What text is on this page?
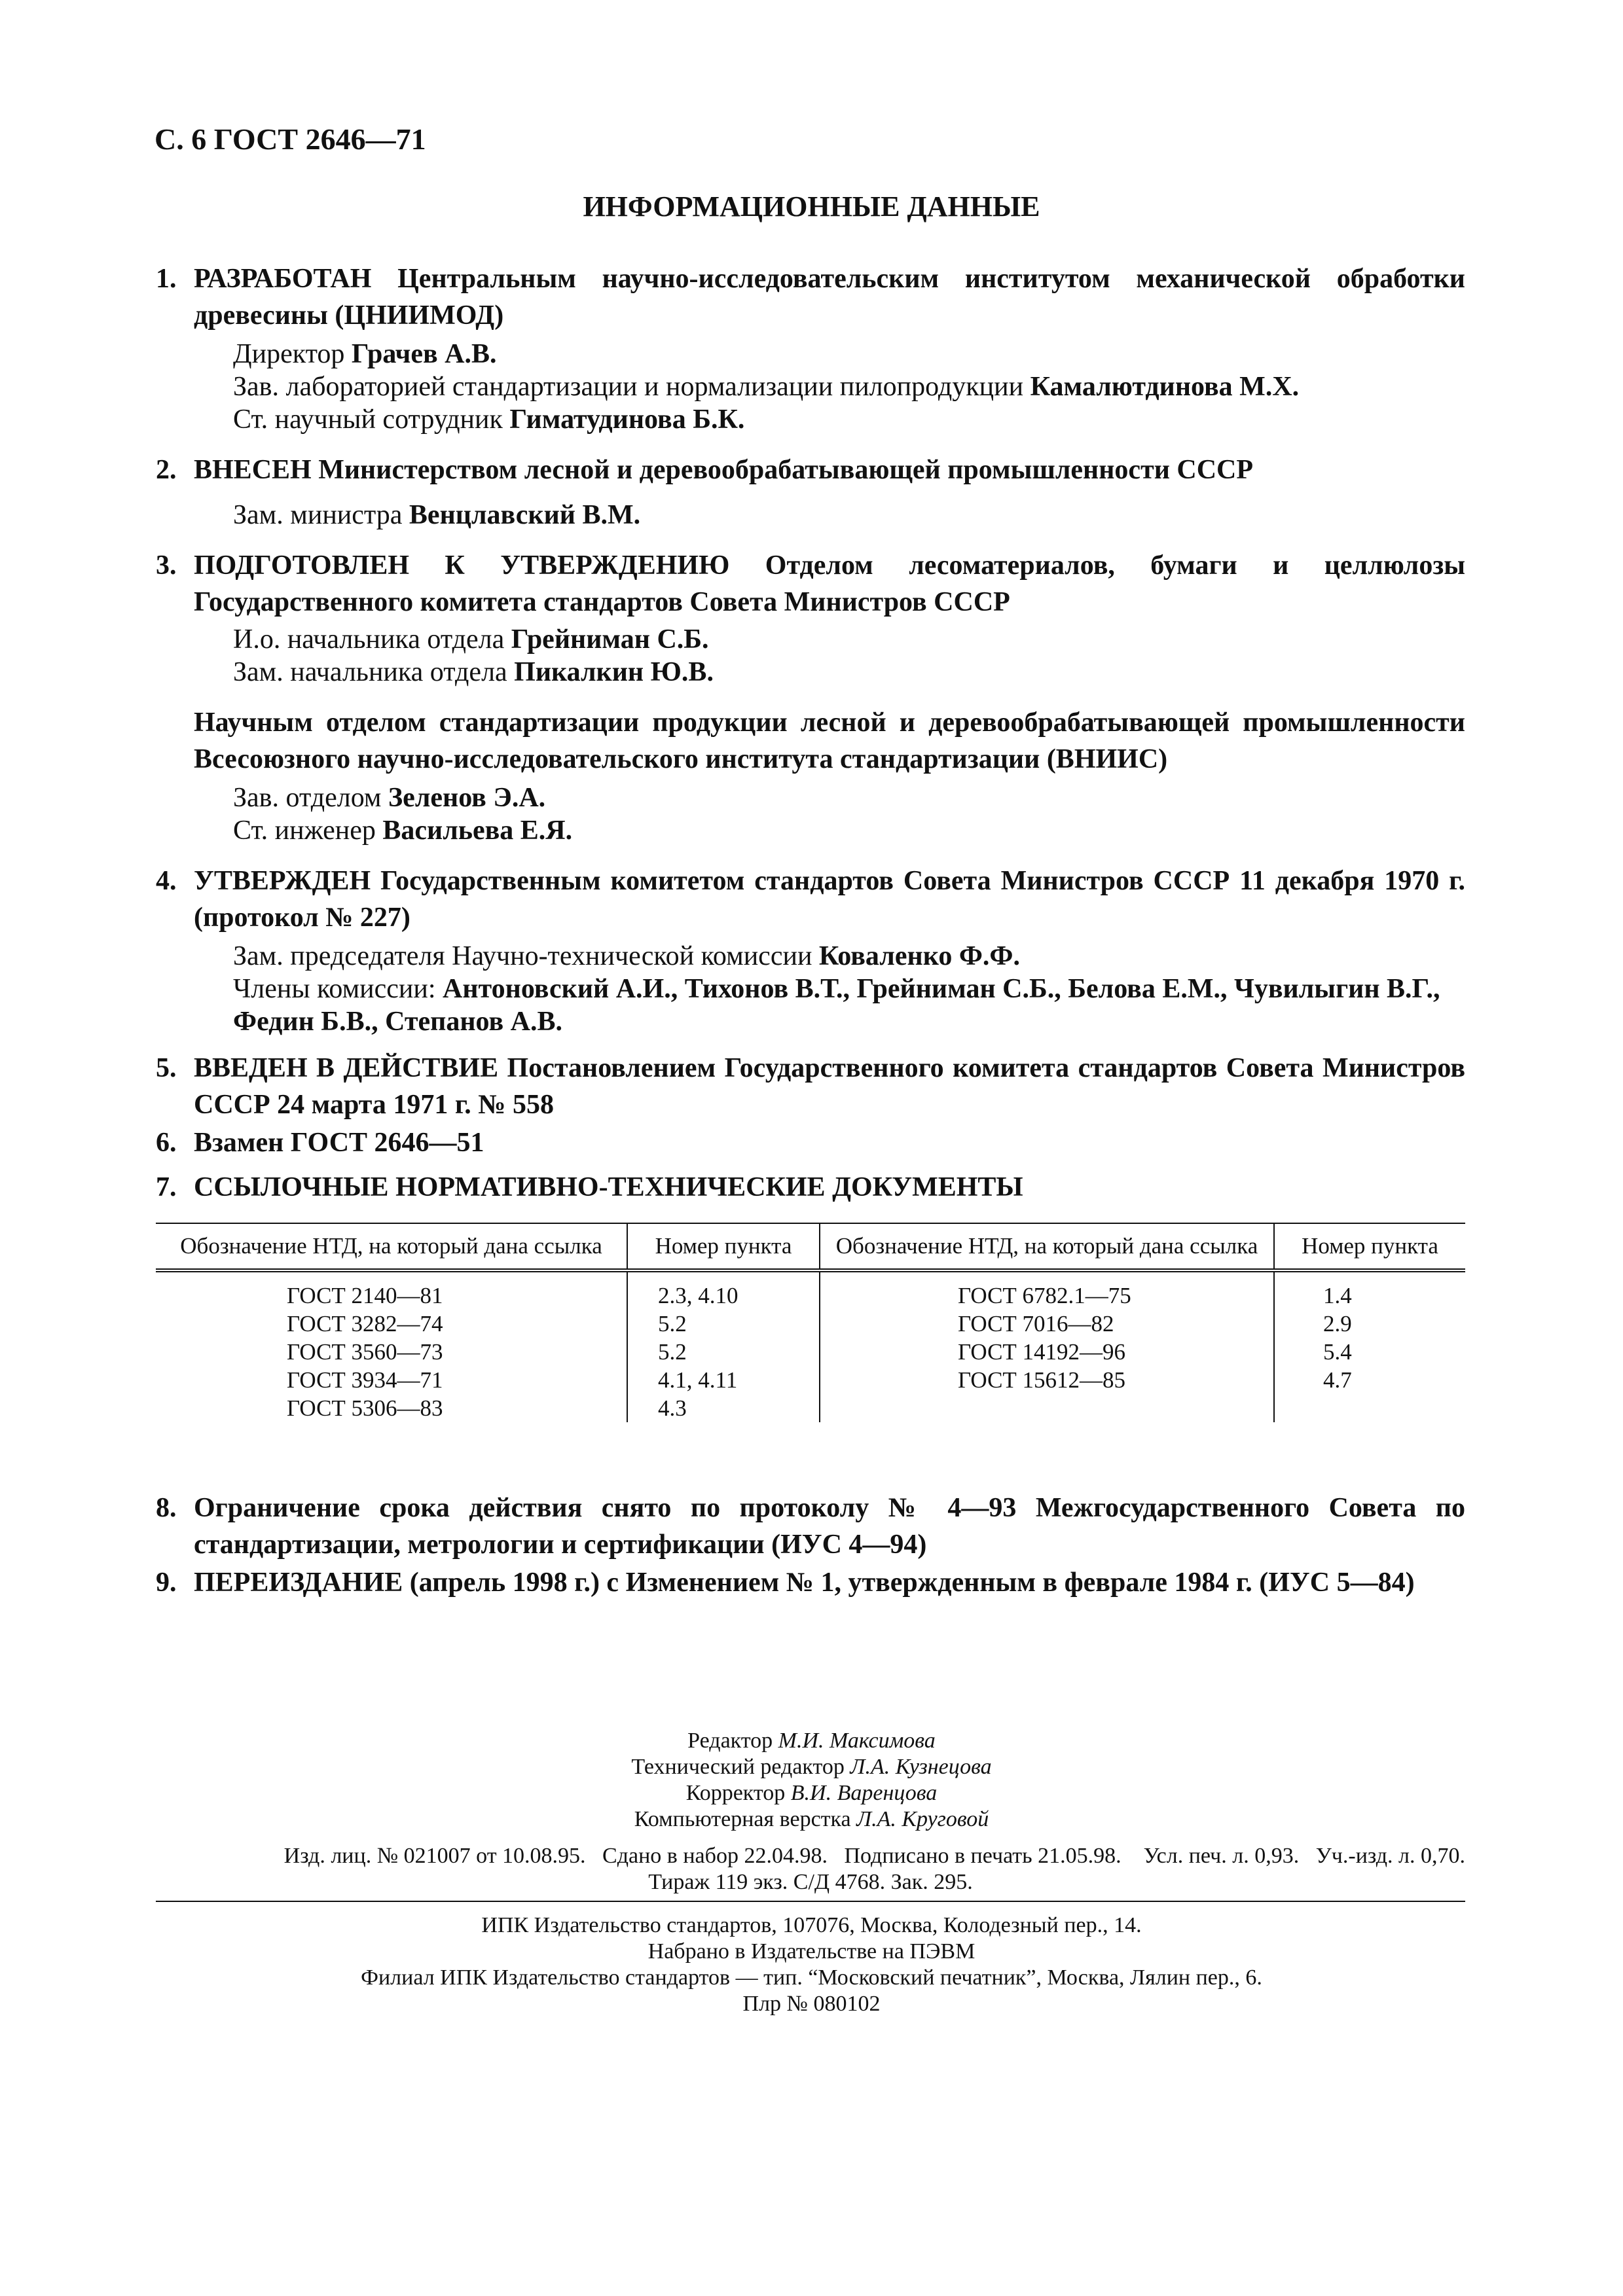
С. 6 ГОСТ 2646—71
ИНФОРМАЦИОННЫЕ ДАННЫЕ
1. РАЗРАБОТАН Центральным научно-исследовательским институтом механической обработки древесины (ЦНИИМОД)
Директор Грачев А.В.
Зав. лабораторией стандартизации и нормализации пилопродукции Камалютдинова М.Х.
Ст. научный сотрудник Гиматудинова Б.К.
2. ВНЕСЕН Министерством лесной и деревообрабатывающей промышленности СССР
Зам. министра Венцлавский В.М.
3. ПОДГОТОВЛЕН К УТВЕРЖДЕНИЮ Отделом лесоматериалов, бумаги и целлюлозы Государственного комитета стандартов Совета Министров СССР
И.о. начальника отдела Грейниман С.Б.
Зам. начальника отдела Пикалкин Ю.В.
Научным отделом стандартизации продукции лесной и деревообрабатывающей промышленности Всесоюзного научно-исследовательского института стандартизации (ВНИИС)
Зав. отделом Зеленов Э.А.
Ст. инженер Васильева Е.Я.
4. УТВЕРЖДЕН Государственным комитетом стандартов Совета Министров СССР 11 декабря 1970 г. (протокол № 227)
Зам. председателя Научно-технической комиссии Коваленко Ф.Ф.
Члены комиссии: Антоновский А.И., Тихонов В.Т., Грейниман С.Б., Белова Е.М., Чувилыгин В.Г.,
Федин Б.В., Степанов А.В.
5. ВВЕДЕН В ДЕЙСТВИЕ Постановлением Государственного комитета стандартов Совета Министров СССР 24 марта 1971 г. № 558
6. Взамен ГОСТ 2646—51
7. ССЫЛОЧНЫЕ НОРМАТИВНО-ТЕХНИЧЕСКИЕ ДОКУМЕНТЫ
Обозначение НТД, на который дана ссылка	Номер пункта	Обозначение НТД, на который дана ссылка	Номер пункта
ГОСТ 2140—81	2.3, 4.10	ГОСТ 6782.1—75	1.4
ГОСТ 3282—74	5.2	ГОСТ 7016—82	2.9
ГОСТ 3560—73	5.2	ГОСТ 14192—96	5.4
ГОСТ 3934—71	4.1, 4.11	ГОСТ 15612—85	4.7
ГОСТ 5306—83	4.3		
8. Ограничение срока действия снято по протоколу № 4—93 Межгосударственного Совета по стандартизации, метрологии и сертификации (ИУС 4—94)
9. ПЕРЕИЗДАНИЕ (апрель 1998 г.) с Изменением № 1, утвержденным в феврале 1984 г. (ИУС 5—84)
Редактор М.И. Максимова
Технический редактор Л.А. Кузнецова
Корректор В.И. Варенцова
Компьютерная верстка Л.А. Круговой
Изд. лиц. № 021007 от 10.08.95.   Сдано в набор 22.04.98.   Подписано в печать 21.05.98.    Усл. печ. л. 0,93.   Уч.-изд. л. 0,70.
Тираж 119 экз. С/Д 4768. Зак. 295.
ИПК Издательство стандартов, 107076, Москва, Колодезный пер., 14.
Набрано в Издательстве на ПЭВМ
Филиал ИПК Издательство стандартов — тип. “Московский печатник”, Москва, Лялин пер., 6.
Плр № 080102
